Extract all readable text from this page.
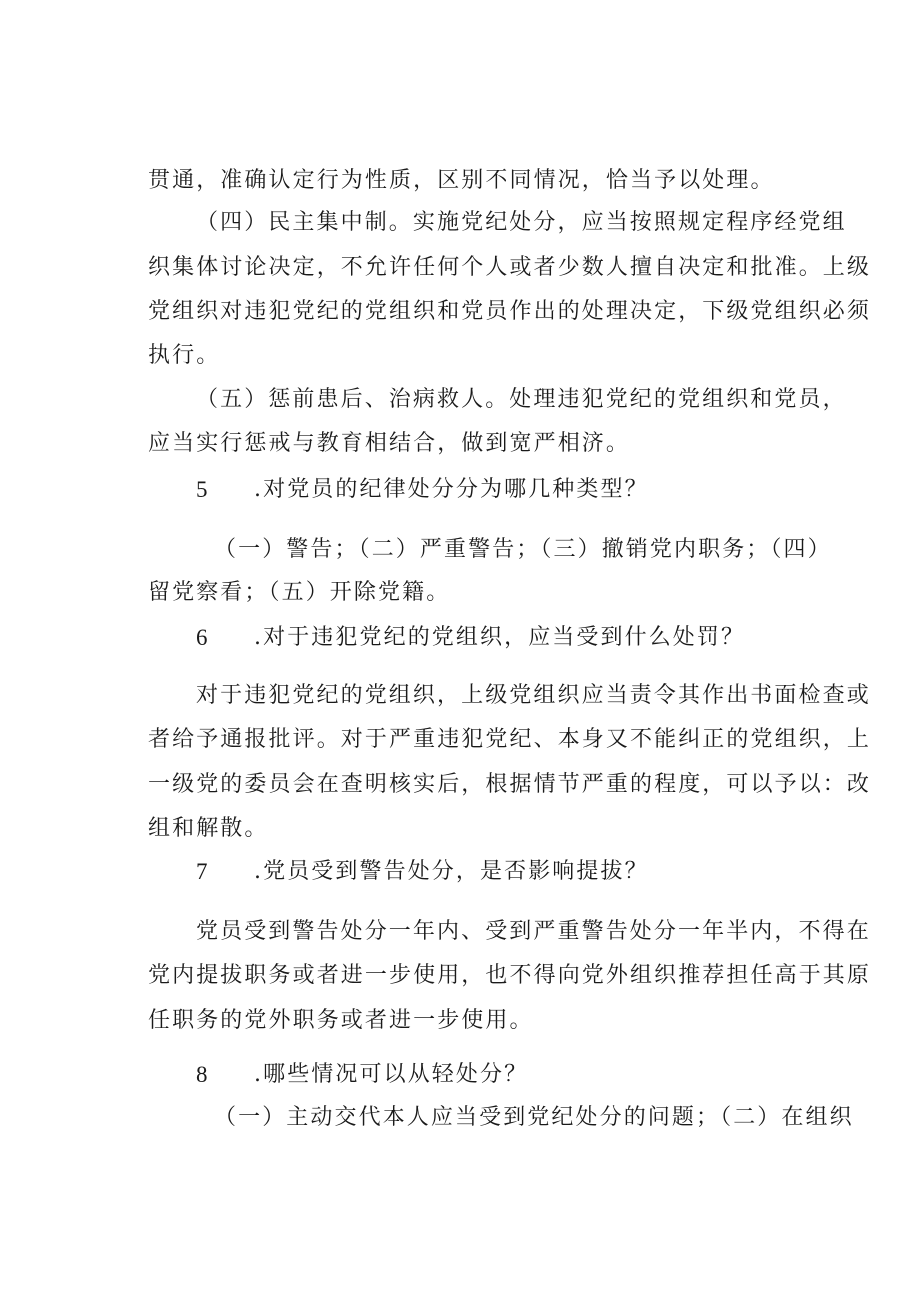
贯通，准确认定行为性质，区别不同情况，恰当予以处理。
（四）民主集中制。实施党纪处分，应当按照规定程序经党组
织集体讨论决定，不允许任何个人或者少数人擅自决定和批准。上级
党组织对违犯党纪的党组织和党员作出的处理决定，下级党组织必须
执行。
（五）惩前患后、治病救人。处理违犯党纪的党组织和党员，
应当实行惩戒与教育相结合，做到宽严相济。
5 .对党员的纪律处分分为哪几种类型？
（一）警告；（二）严重警告；（三）撤销党内职务；（四）
留党察看；（五）开除党籍。
6 .对于违犯党纪的党组织，应当受到什么处罚？
对于违犯党纪的党组织，上级党组织应当责令其作出书面检查或
者给予通报批评。对于严重违犯党纪、本身又不能纠正的党组织，上
一级党的委员会在查明核实后，根据情节严重的程度，可以予以：改
组和解散。
7 .党员受到警告处分，是否影响提拔？
党员受到警告处分一年内、受到严重警告处分一年半内，不得在
党内提拔职务或者进一步使用，也不得向党外组织推荐担任高于其原
任职务的党外职务或者进一步使用。
8 .哪些情况可以从轻处分？
（一）主动交代本人应当受到党纪处分的问题；（二）在组织
